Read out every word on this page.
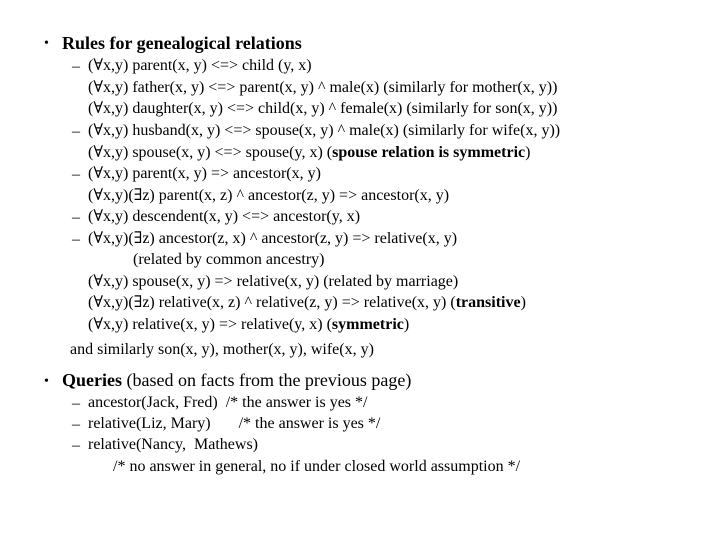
• Rules for genealogical relations
– (∀x,y) parent(x, y) <=> child (y, x)
(∀x,y) father(x, y) <=> parent(x, y) ^ male(x) (similarly for mother(x, y))
(∀x,y) daughter(x, y) <=> child(x, y) ^ female(x) (similarly for son(x, y))
– (∀x,y) husband(x, y) <=> spouse(x, y) ^ male(x) (similarly for wife(x, y))
(∀x,y) spouse(x, y) <=> spouse(y, x) (spouse relation is symmetric)
– (∀x,y) parent(x, y) => ancestor(x, y)
(∀x,y)(∃z) parent(x, z) ^ ancestor(z, y) => ancestor(x, y)
– (∀x,y) descendent(x, y) <=> ancestor(y, x)
– (∀x,y)(∃z) ancestor(z, x) ^ ancestor(z, y) => relative(x, y)
(related by common ancestry)
(∀x,y) spouse(x, y) => relative(x, y) (related by marriage)
(∀x,y)(∃z) relative(x, z) ^ relative(z, y) => relative(x, y) (transitive)
(∀x,y) relative(x, y) => relative(y, x) (symmetric)
and similarly son(x, y), mother(x, y), wife(x, y)
• Queries (based on facts from the previous page)
– ancestor(Jack, Fred)  /* the answer is yes */
– relative(Liz, Mary)       /* the answer is yes */
– relative(Nancy,  Mathews)
/* no answer in general, no if under closed world assumption */
